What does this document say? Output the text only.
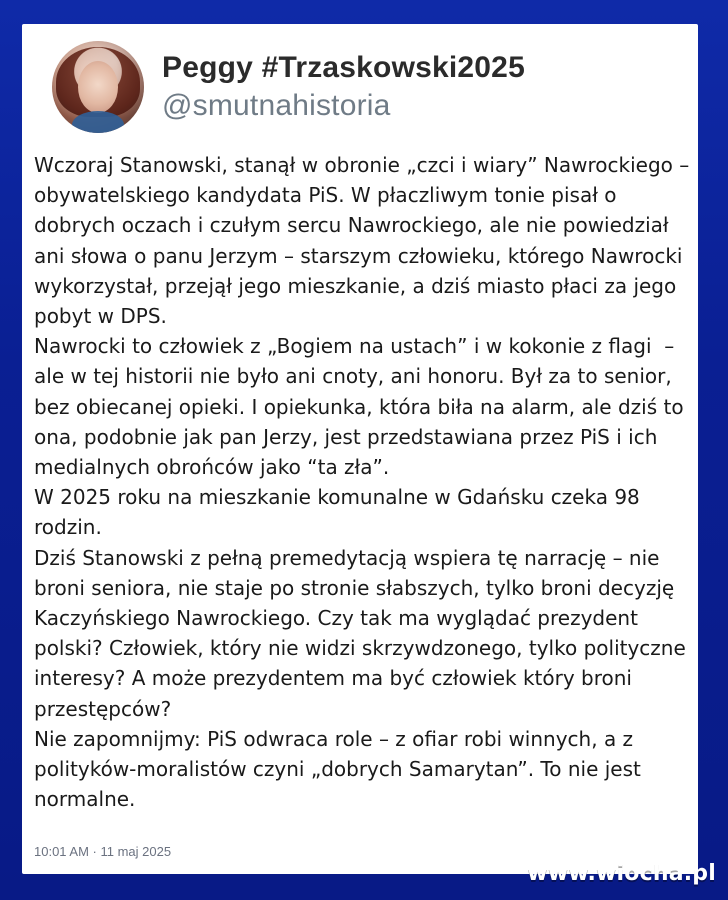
Peggy #Trzaskowski2025
@smutnahistoria

Wczoraj Stanowski, stanął w obronie „czci i wiary” Nawrockiego – obywatelskiego kandydata PiS. W płaczliwym tonie pisał o dobrych oczach i czułym sercu Nawrockiego, ale nie powiedział ani słowa o panu Jerzym – starszym człowieku, którego Nawrocki wykorzystał, przejął jego mieszkanie, a dziś miasto płaci za jego pobyt w DPS.

Nawrocki to człowiek z „Bogiem na ustach” i w kokonie z flagi  – ale w tej historii nie było ani cnoty, ani honoru. Był za to senior, bez obiecanej opieki. I opiekunka, która biła na alarm, ale dziś to ona, podobnie jak pan Jerzy, jest przedstawiana przez PiS i ich medialnych obrońców jako “ta zła”.

W 2025 roku na mieszkanie komunalne w Gdańsku czeka 98 rodzin.

Dziś Stanowski z pełną premedytacją wspiera tę narrację – nie broni seniora, nie staje po stronie słabszych, tylko broni decyzję Kaczyńskiego Nawrockiego. Czy tak ma wyglądać prezydent polski? Człowiek, który nie widzi skrzywdzonego, tylko polityczne interesy? A może prezydentem ma być człowiek który broni przestępców?

Nie zapomnijmy: PiS odwraca role – z ofiar robi winnych, a z polityków-moralistów czyni „dobrych Samarytan”. To nie jest normalne.

10:01 AM · 11 maj 2025
www.wiocha.pl
